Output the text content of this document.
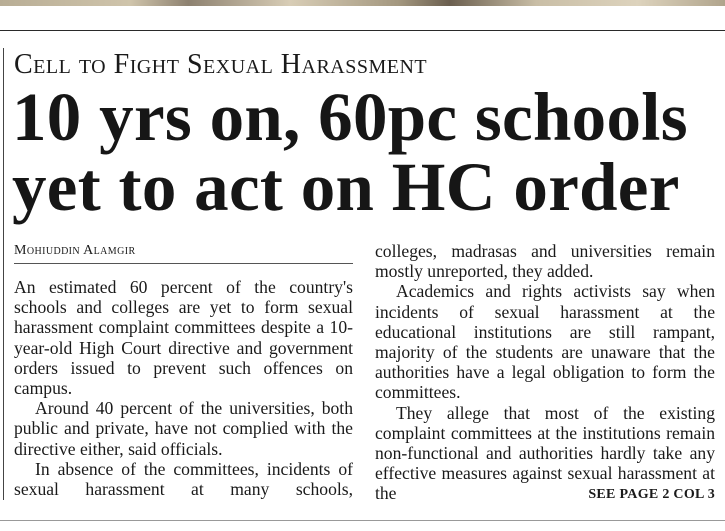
Cell to Fight Sexual Harassment
10 yrs on, 60pc schools
yet to act on HC order
Mohiuddin Alamgir

An estimated 60 percent of the country's schools and colleges are yet to form sexual harassment complaint committees despite a 10-year-old High Court directive and government orders issued to prevent such offences on campus.

Around 40 percent of the universities, both public and private, have not complied with the directive either, said officials.

In absence of the committees, incidents of sexual harassment at many schools,

colleges, madrasas and universities remain mostly unreported, they added.

Academics and rights activists say when incidents of sexual harassment at the educational institutions are still rampant, majority of the students are unaware that the authorities have a legal obligation to form the committees.

They allege that most of the existing complaint committees at the institutions remain non-functional and authorities hardly take any effective measures against sexual harassment at the	SEE PAGE 2 COL 3
